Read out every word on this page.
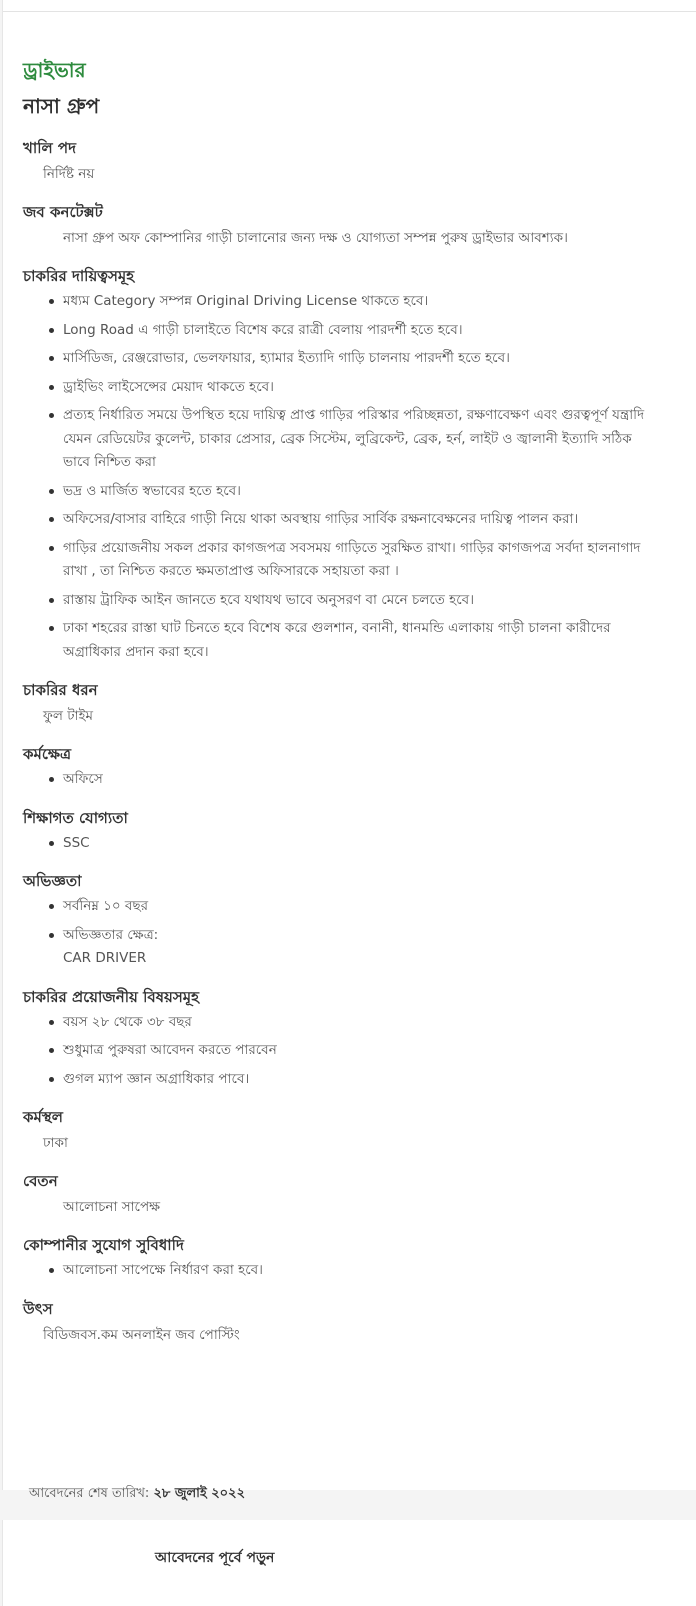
ড্রাইভার
নাসা গ্রুপ
খালি পদ
নির্দিষ্ট নয়
জব কনটেক্সট
নাসা গ্রুপ অফ কোম্পানির গাড়ী চালানোর জন্য দক্ষ ও যোগ্যতা সম্পন্ন পুরুষ ড্রাইভার আবশ্যক।
চাকরির দায়িত্বসমূহ
মধ্যম Category সম্পন্ন Original Driving License থাকতে হবে।
Long Road এ গাড়ী চালাইতে বিশেষ করে রাত্রী বেলায় পারদর্শী হতে হবে।
মার্সিডিজ, রেঞ্জরোভার, ভেলফায়ার, হ্যামার ইত্যাদি গাড়ি চালনায় পারদর্শী হতে হবে।
ড্রাইভিং লাইসেন্সের মেয়াদ থাকতে হবে।
প্রত্যহ নির্ধারিত সময়ে উপস্থিত হয়ে দায়িত্ব প্রাপ্ত গাড়ির পরিস্কার পরিচ্ছন্নতা, রক্ষণাবেক্ষণ এবং গুরত্বপূর্ণ যন্ত্রাদি যেমন রেডিয়েটর কুলেন্ট, চাকার প্রেসার, ব্রেক সিস্টেম, লুব্রিকেন্ট, ব্রেক, হর্ন, লাইট ও জ্বালানী ইত্যাদি সঠিক ভাবে নিশ্চিত করা
ভদ্র ও মার্জিত স্বভাবের হতে হবে।
অফিসের/বাসার বাহিরে গাড়ী নিয়ে থাকা অবস্থায় গাড়ির সার্বিক রক্ষনাবেক্ষনের দায়িত্ব পালন করা।
গাড়ির প্রয়োজনীয় সকল প্রকার কাগজপত্র সবসময় গাড়িতে সুরক্ষিত রাখা। গাড়ির কাগজপত্র সর্বদা হালনাগাদ রাখা , তা নিশ্চিত করতে ক্ষমতাপ্রাপ্ত অফিসারকে সহায়তা করা ।
রাস্তায় ট্রাফিক আইন জানতে হবে যথাযথ ভাবে অনুসরণ বা মেনে চলতে হবে।
ঢাকা শহরের রাস্তা ঘাট চিনতে হবে বিশেষ করে গুলশান, বনানী, ধানমন্ডি এলাকায় গাড়ী চালনা কারীদের অগ্রাধিকার প্রদান করা হবে।
চাকরির ধরন
ফুল টাইম
কর্মক্ষেত্র
অফিসে
শিক্ষাগত যোগ্যতা
SSC
অভিজ্ঞতা
সর্বনিম্ন ১০ বছর
অভিজ্ঞতার ক্ষেত্র:
CAR DRIVER
চাকরির প্রয়োজনীয় বিষয়সমূহ
বয়স ২৮ থেকে ৩৮ বছর
শুধুমাত্র পুরুষরা আবেদন করতে পারবেন
গুগল ম্যাপ জ্ঞান অগ্রাধিকার পাবে।
কর্মস্থল
ঢাকা
বেতন
আলোচনা সাপেক্ষ
কোম্পানীর সুযোগ সুবিধাদি
আলোচনা সাপেক্ষে নির্ধারণ করা হবে।
উৎস
বিডিজবস.কম অনলাইন জব পোস্টিং
আবেদনের শেষ তারিখ: ২৮ জুলাই ২০২২
আবেদনের পূর্বে পড়ুন
